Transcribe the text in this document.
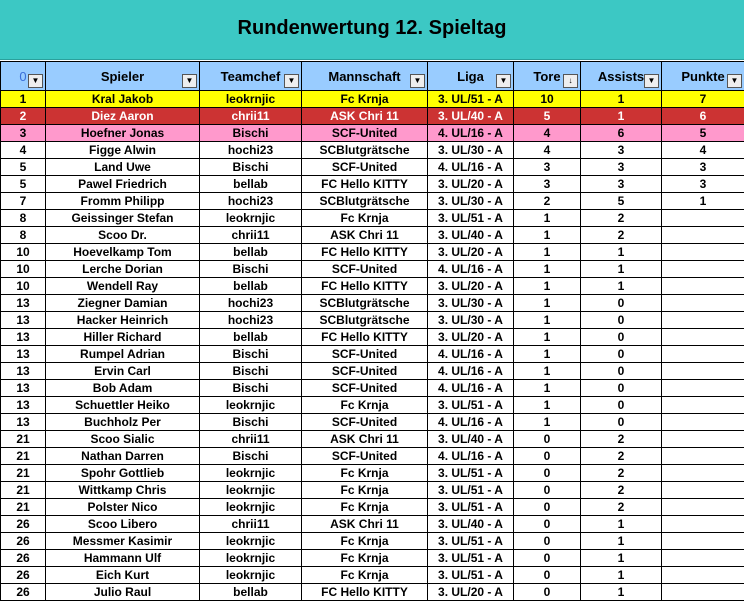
Rundenwertung 12. Spieltag
0 ▼	Spieler ▼	Teamchef ▼	Mannschaft ▼	Liga ▼	Tore ↓	Assists ▼	Punkte ▼

1	Kral Jakob	leokrnjic	Fc Krnja	3. UL/51 - A	10	1	7
2	Diez Aaron	chrii11	ASK Chri 11	3. UL/40 - A	5	1	6
3	Hoefner Jonas	Bischi	SCF-United	4. UL/16 - A	4	6	5
4	Figge Alwin	hochi23	SCBlutgrätsche	3. UL/30 - A	4	3	4
5	Land Uwe	Bischi	SCF-United	4. UL/16 - A	3	3	3
5	Pawel Friedrich	bellab	FC Hello KITTY	3. UL/20 - A	3	3	3
7	Fromm Philipp	hochi23	SCBlutgrätsche	3. UL/30 - A	2	5	1
8	Geissinger Stefan	leokrnjic	Fc Krnja	3. UL/51 - A	1	2	
8	Scoo Dr.	chrii11	ASK Chri 11	3. UL/40 - A	1	2	
10	Hoevelkamp Tom	bellab	FC Hello KITTY	3. UL/20 - A	1	1	
10	Lerche Dorian	Bischi	SCF-United	4. UL/16 - A	1	1	
10	Wendell Ray	bellab	FC Hello KITTY	3. UL/20 - A	1	1	
13	Ziegner Damian	hochi23	SCBlutgrätsche	3. UL/30 - A	1	0	
13	Hacker Heinrich	hochi23	SCBlutgrätsche	3. UL/30 - A	1	0	
13	Hiller Richard	bellab	FC Hello KITTY	3. UL/20 - A	1	0	
13	Rumpel Adrian	Bischi	SCF-United	4. UL/16 - A	1	0	
13	Ervin Carl	Bischi	SCF-United	4. UL/16 - A	1	0	
13	Bob Adam	Bischi	SCF-United	4. UL/16 - A	1	0	
13	Schuettler Heiko	leokrnjic	Fc Krnja	3. UL/51 - A	1	0	
13	Buchholz Per	Bischi	SCF-United	4. UL/16 - A	1	0	
21	Scoo Sialic	chrii11	ASK Chri 11	3. UL/40 - A	0	2	
21	Nathan Darren	Bischi	SCF-United	4. UL/16 - A	0	2	
21	Spohr Gottlieb	leokrnjic	Fc Krnja	3. UL/51 - A	0	2	
21	Wittkamp Chris	leokrnjic	Fc Krnja	3. UL/51 - A	0	2	
21	Polster Nico	leokrnjic	Fc Krnja	3. UL/51 - A	0	2	
26	Scoo Libero	chrii11	ASK Chri 11	3. UL/40 - A	0	1	
26	Messmer Kasimir	leokrnjic	Fc Krnja	3. UL/51 - A	0	1	
26	Hammann Ulf	leokrnjic	Fc Krnja	3. UL/51 - A	0	1	
26	Eich Kurt	leokrnjic	Fc Krnja	3. UL/51 - A	0	1	
26	Julio Raul	bellab	FC Hello KITTY	3. UL/20 - A	0	1	
